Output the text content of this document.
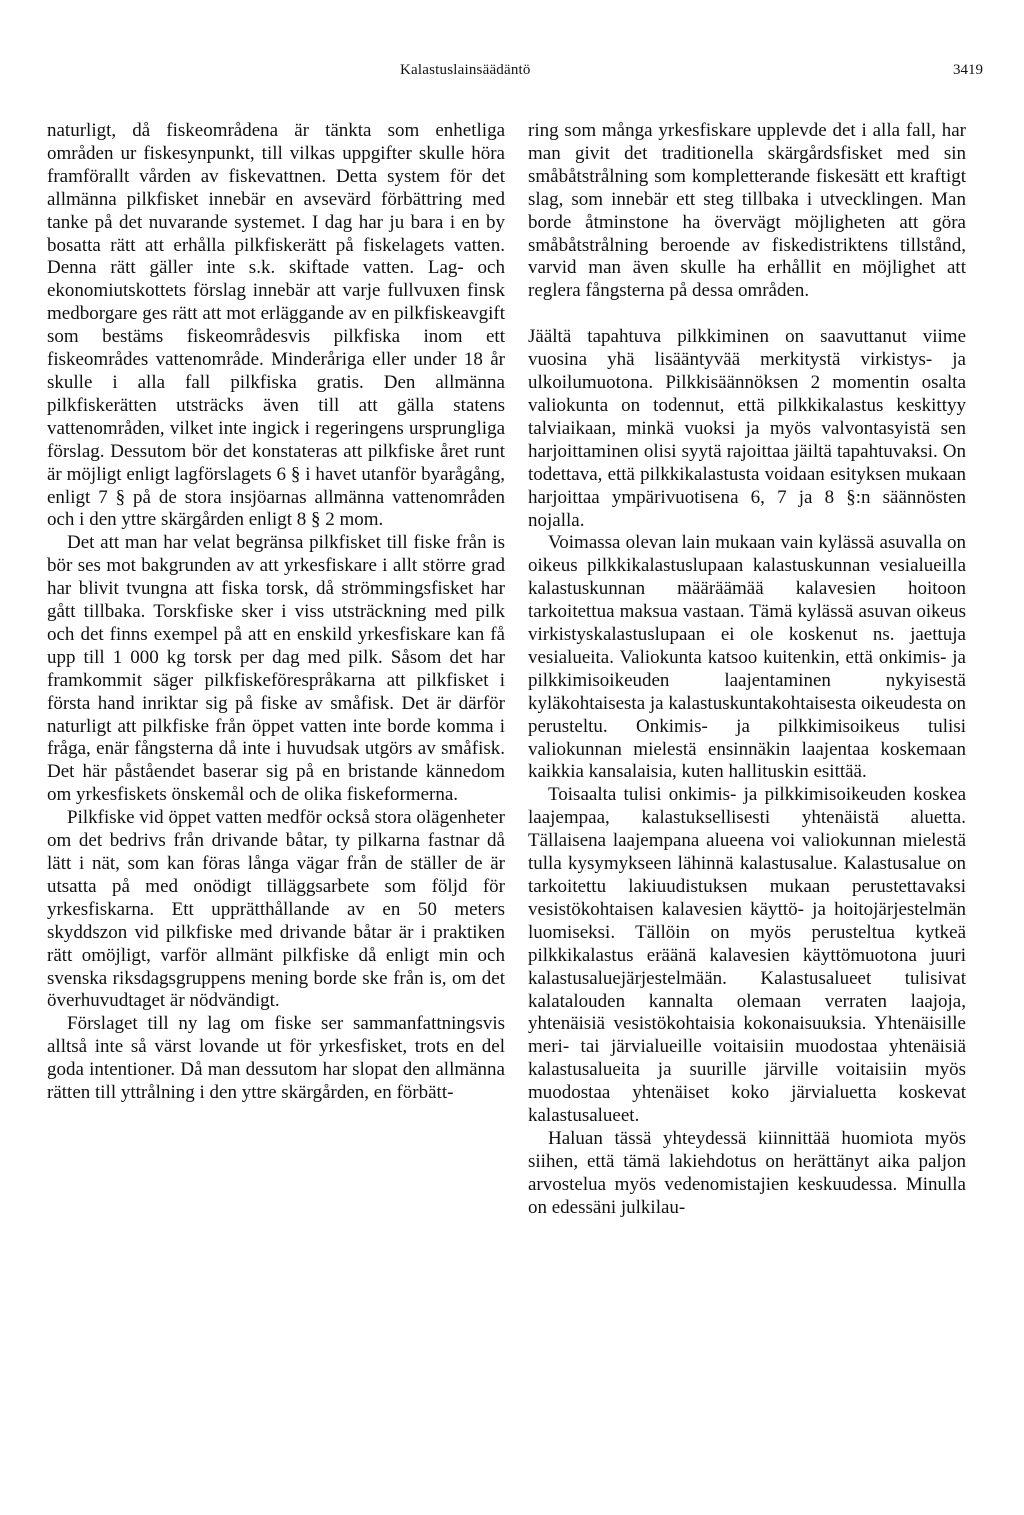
Kalastuslainsäädäntö	3419

naturligt, då fiskeområdena är tänkta som enhetliga områden ur fiskesynpunkt, till vilkas uppgifter skulle höra framförallt vården av fiskevattnen. Detta system för det allmänna pilkfisket innebär en avsevärd förbättring med tanke på det nuvarande systemet. I dag har ju bara i en by bosatta rätt att erhålla pilkfiskerätt på fiskelagets vatten. Denna rätt gäller inte s.k. skiftade vatten. Lag- och ekonomiutskottets förslag innebär att varje fullvuxen finsk medborgare ges rätt att mot erläggande av en pilkfiskeavgift som bestäms fiskeområdesvis pilkfiska inom ett fiskeområdes vattenområde. Minderåriga eller under 18 år skulle i alla fall pilkfiska gratis. Den allmänna pilkfiskerätten utsträcks även till att gälla statens vattenområden, vilket inte ingick i regeringens ursprungliga förslag. Dessutom bör det konstateras att pilkfiske året runt är möjligt enligt lagförslagets 6 § i havet utanför byarågång, enligt 7 § på de stora insjöarnas allmänna vattenområden och i den yttre skärgården enligt 8 § 2 mom.

Det att man har velat begränsa pilkfisket till fiske från is bör ses mot bakgrunden av att yrkesfiskare i allt större grad har blivit tvungna att fiska torsk, då strömmingsfisket har gått tillbaka. Torskfiske sker i viss utsträckning med pilk och det finns exempel på att en enskild yrkesfiskare kan få upp till 1 000 kg torsk per dag med pilk. Såsom det har framkommit säger pilkfiskeförespråkarna att pilkfisket i första hand inriktar sig på fiske av småfisk. Det är därför naturligt att pilkfiske från öppet vatten inte borde komma i fråga, enär fångsterna då inte i huvudsak utgörs av småfisk. Det här påståendet baserar sig på en bristande kännedom om yrkesfiskets önskemål och de olika fiskeformerna.

Pilkfiske vid öppet vatten medför också stora olägenheter om det bedrivs från drivande båtar, ty pilkarna fastnar då lätt i nät, som kan föras långa vägar från de ställer de är utsatta på med onödigt tilläggsarbete som följd för yrkesfiskarna. Ett upprätthållande av en 50 meters skyddszon vid pilkfiske med drivande båtar är i praktiken rätt omöjligt, varför allmänt pilkfiske då enligt min och svenska riksdagsgruppens mening borde ske från is, om det överhuvudtaget är nödvändigt.

Förslaget till ny lag om fiske ser sammanfattningsvis alltså inte så värst lovande ut för yrkesfisket, trots en del goda intentioner. Då man dessutom har slopat den allmänna rätten till yttrålning i den yttre skärgården, en förbätt-

ring som många yrkesfiskare upplevde det i alla fall, har man givit det traditionella skärgårdsfisket med sin småbåtstrålning som kompletterande fiskesätt ett kraftigt slag, som innebär ett steg tillbaka i utvecklingen. Man borde åtminstone ha övervägt möjligheten att göra småbåtstrålning beroende av fiskedistriktens tillstånd, varvid man även skulle ha erhållit en möjlighet att reglera fångsterna på dessa områden.

Jäältä tapahtuva pilkkiminen on saavuttanut viime vuosina yhä lisääntyvää merkitystä virkistys- ja ulkoilumuotona. Pilkkisäännöksen 2 momentin osalta valiokunta on todennut, että pilkkikalastus keskittyy talviaikaan, minkä vuoksi ja myös valvontasyistä sen harjoittaminen olisi syytä rajoittaa jäiltä tapahtuvaksi. On todettava, että pilkkikalastusta voidaan esityksen mukaan harjoittaa ympärivuotisena 6, 7 ja 8 §:n säännösten nojalla.

Voimassa olevan lain mukaan vain kylässä asuvalla on oikeus pilkkikalastuslupaan kalastuskunnan vesialueilla kalastuskunnan määräämää kalavesien hoitoon tarkoitettua maksua vastaan. Tämä kylässä asuvan oikeus virkistyskalastuslupaan ei ole koskenut ns. jaettuja vesialueita. Valiokunta katsoo kuitenkin, että onkimis- ja pilkkimisoikeuden laajentaminen nykyisestä kyläkohtaisesta ja kalastuskuntakohtaisesta oikeudesta on perusteltu. Onkimis- ja pilkkimisoikeus tulisi valiokunnan mielestä ensinnäkin laajentaa koskemaan kaikkia kansalaisia, kuten hallituskin esittää.

Toisaalta tulisi onkimis- ja pilkkimisoikeuden koskea laajempaa, kalastuksellisesti yhtenäistä aluetta. Tällaisena laajempana alueena voi valiokunnan mielestä tulla kysymykseen lähinnä kalastusalue. Kalastusalue on tarkoitettu lakiuudistuksen mukaan perustettavaksi vesistökohtaisen kalavesien käyttö- ja hoitojärjestelmän luomiseksi. Tällöin on myös perusteltua kytkeä pilkkikalastus eräänä kalavesien käyttömuotona juuri kalastusaluejärjestelmään. Kalastusalueet tulisivat kalatalouden kannalta olemaan verraten laajoja, yhtenäisiä vesistökohtaisia kokonaisuuksia. Yhtenäisille meri- tai järvialueille voitaisiin muodostaa yhtenäisiä kalastusalueita ja suurille järville voitaisiin myös muodostaa yhtenäiset koko järvialuetta koskevat kalastusalueet.

Haluan tässä yhteydessä kiinnittää huomiota myös siihen, että tämä lakiehdotus on herättänyt aika paljon arvostelua myös vedenomistajien keskuudessa. Minulla on edessäni julkilau-
